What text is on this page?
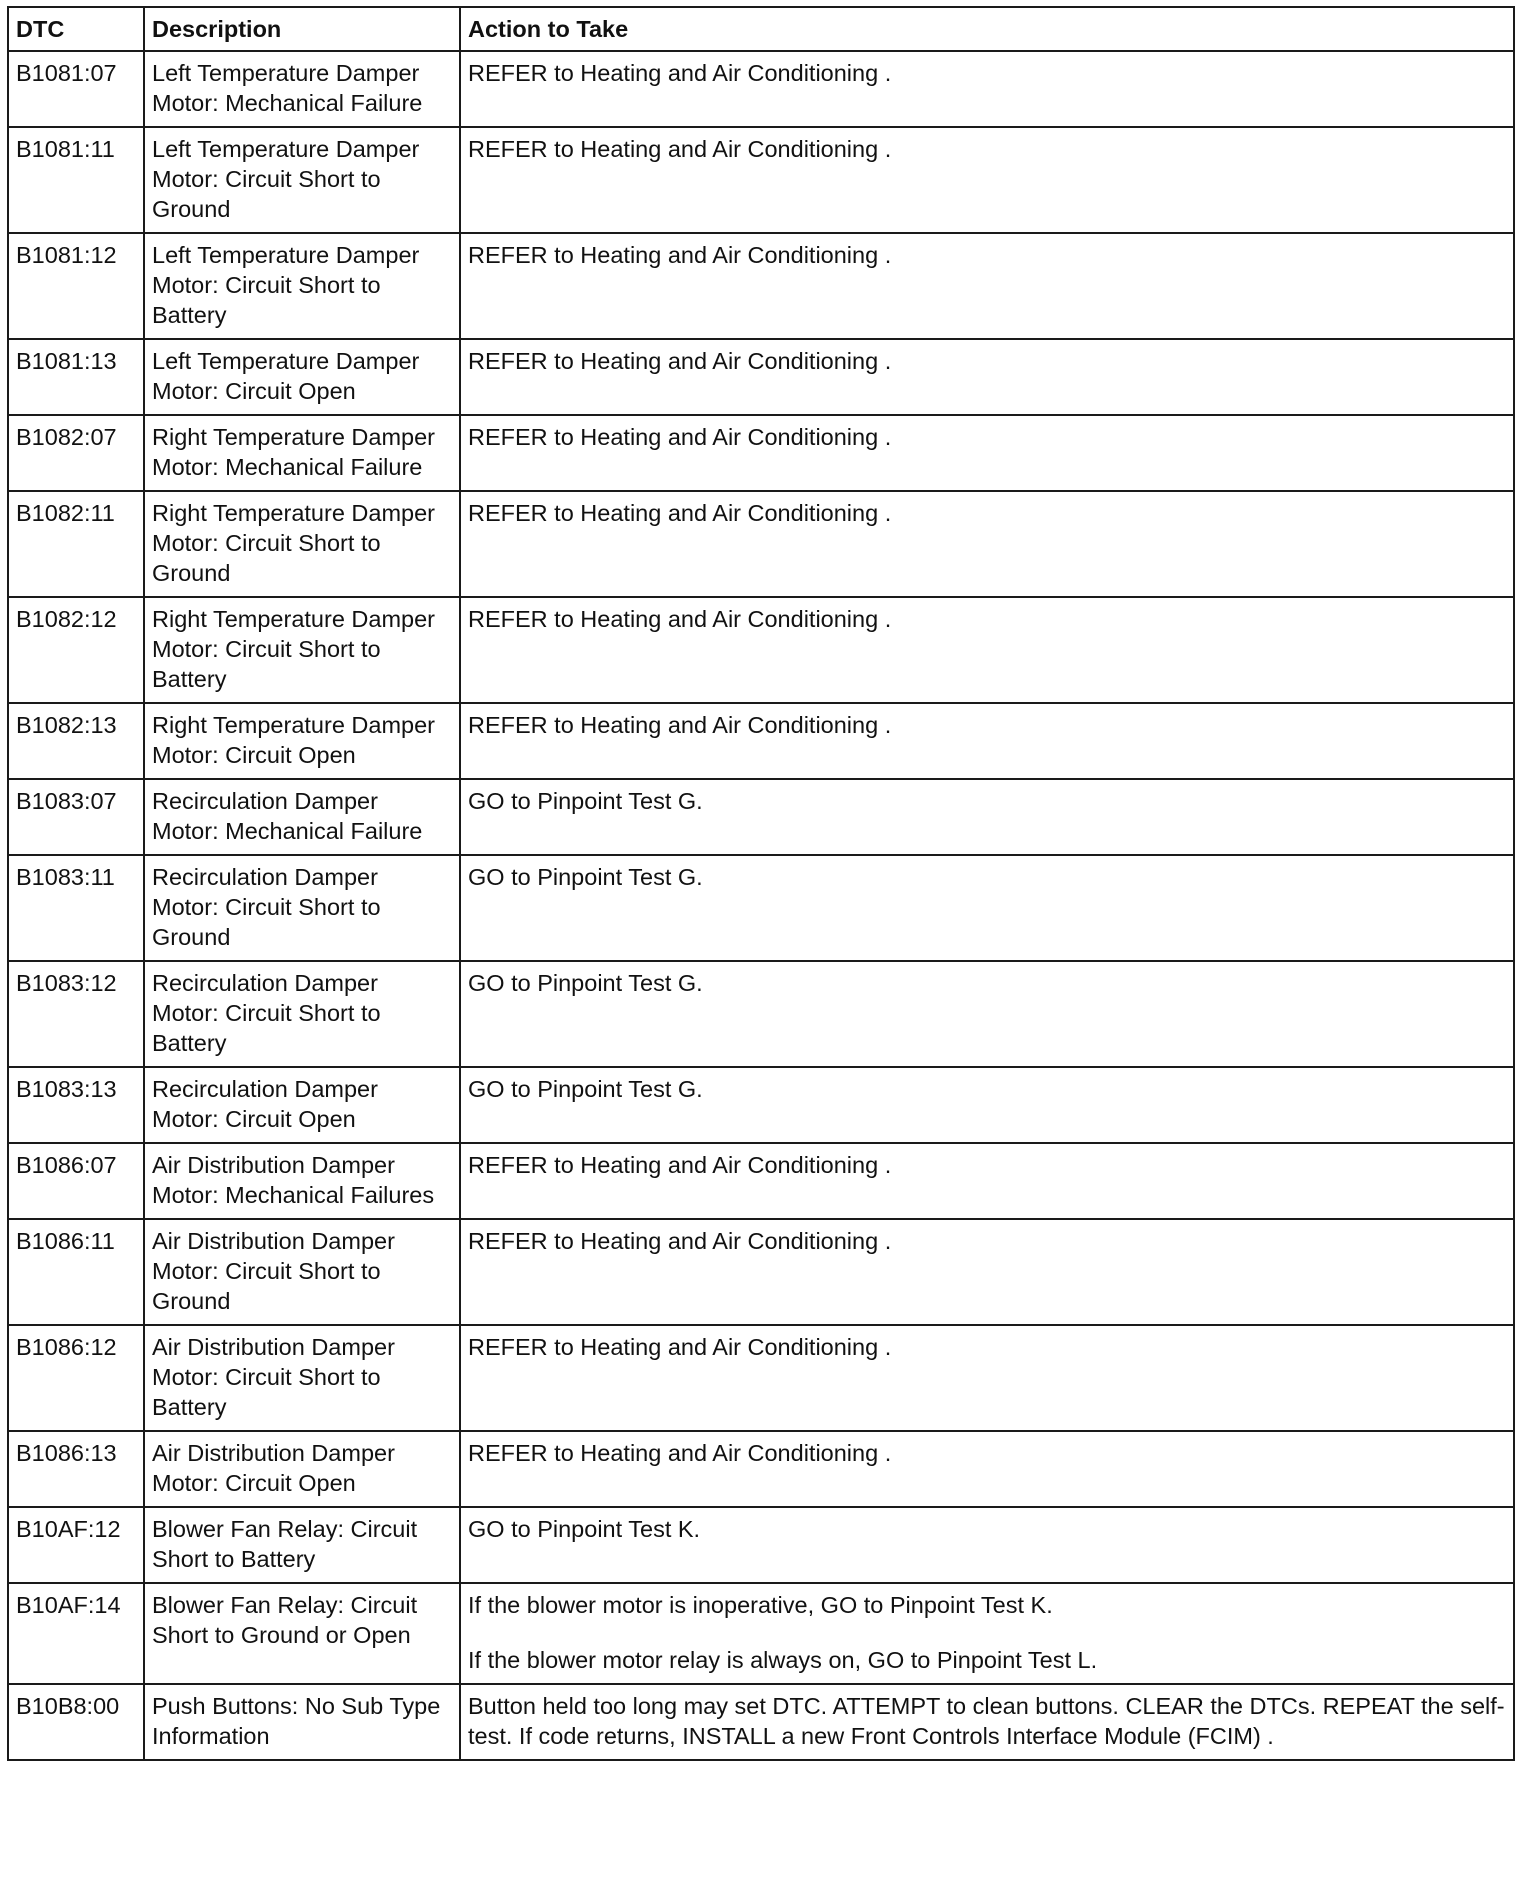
DTC	Description	Action to Take
B1081:07	Left Temperature Damper Motor: Mechanical Failure	REFER to Heating and Air Conditioning .

B1081:11	Left Temperature Damper Motor: Circuit Short to Ground	REFER to Heating and Air Conditioning .

B1081:12	Left Temperature Damper Motor: Circuit Short to Battery	REFER to Heating and Air Conditioning .

B1081:13	Left Temperature Damper Motor: Circuit Open	REFER to Heating and Air Conditioning .

B1082:07	Right Temperature Damper Motor: Mechanical Failure	REFER to Heating and Air Conditioning .

B1082:11	Right Temperature Damper Motor: Circuit Short to Ground	REFER to Heating and Air Conditioning .

B1082:12	Right Temperature Damper Motor: Circuit Short to Battery	REFER to Heating and Air Conditioning .

B1082:13	Right Temperature Damper Motor: Circuit Open	REFER to Heating and Air Conditioning .

B1083:07	Recirculation Damper Motor: Mechanical Failure	GO to Pinpoint Test G.

B1083:11	Recirculation Damper Motor: Circuit Short to Ground	GO to Pinpoint Test G.

B1083:12	Recirculation Damper Motor: Circuit Short to Battery	GO to Pinpoint Test G.

B1083:13	Recirculation Damper Motor: Circuit Open	GO to Pinpoint Test G.

B1086:07	Air Distribution Damper Motor: Mechanical Failures	REFER to Heating and Air Conditioning .

B1086:11	Air Distribution Damper Motor: Circuit Short to Ground	REFER to Heating and Air Conditioning .

B1086:12	Air Distribution Damper Motor: Circuit Short to Battery	REFER to Heating and Air Conditioning .

B1086:13	Air Distribution Damper Motor: Circuit Open	REFER to Heating and Air Conditioning .

B10AF:12	Blower Fan Relay: Circuit Short to Battery	GO to Pinpoint Test K.

B10AF:14	Blower Fan Relay: Circuit Short to Ground or Open	If the blower motor is inoperative, GO to Pinpoint Test K.

If the blower motor relay is always on, GO to Pinpoint Test L.

B10B8:00	Push Buttons: No Sub Type Information	Button held too long may set DTC. ATTEMPT to clean buttons. CLEAR the DTCs. REPEAT the self-test. If code returns, INSTALL a new Front Controls Interface Module (FCIM) .
